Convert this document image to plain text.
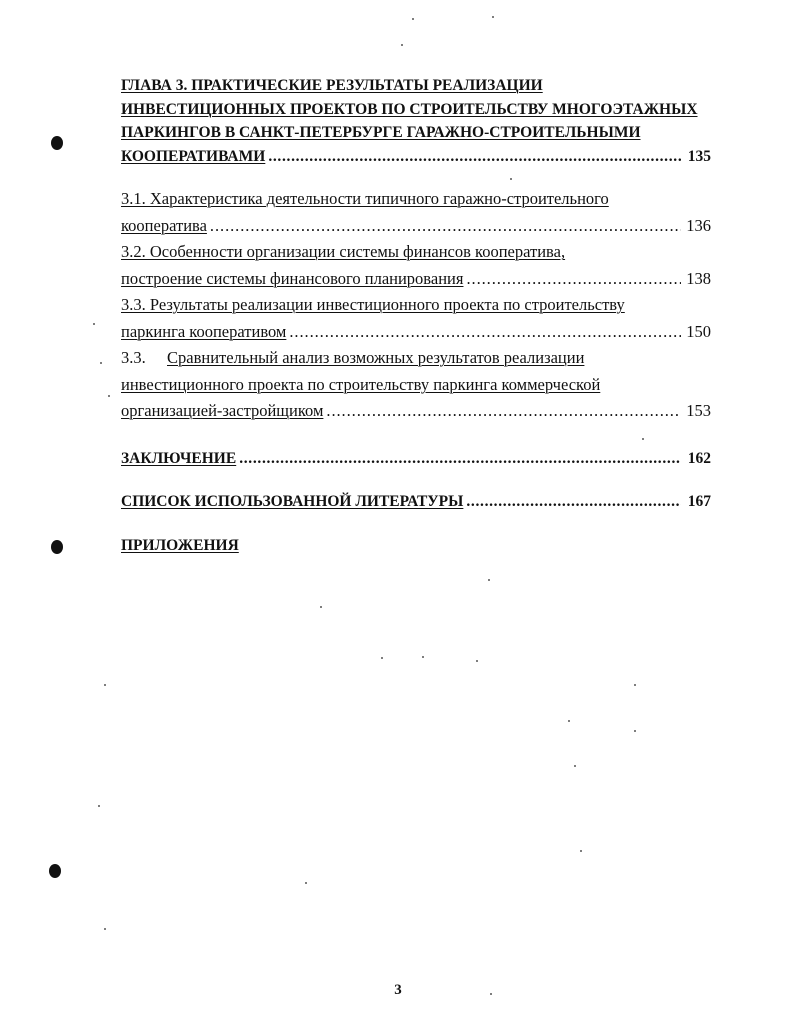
ГЛАВА 3. ПРАКТИЧЕСКИЕ РЕЗУЛЬТАТЫ РЕАЛИЗАЦИИ
ИНВЕСТИЦИОННЫХ ПРОЕКТОВ ПО СТРОИТЕЛЬСТВУ МНОГОЭТАЖНЫХ
ПАРКИНГОВ В САНКТ-ПЕТЕРБУРГЕ ГАРАЖНО-СТРОИТЕЛЬНЫМИ
КООПЕРАТИВАМИ . . .	135
3.1. Характеристика деятельности типичного гаражно-строительного
кооператива . . .	136
3.2. Особенности организации системы финансов кооператива,
построение системы финансового планирования . . .	138
3.3. Результаты реализации инвестиционного проекта по строительству
паркинга кооперативом . . .	150
3.3. Сравнительный анализ возможных результатов реализации
инвестиционного проекта по строительству паркинга коммерческой
организацией-застройщиком . . .	153
ЗАКЛЮЧЕНИЕ . . .	162
СПИСОК ИСПОЛЬЗОВАННОЙ ЛИТЕРАТУРЫ . . .	167
ПРИЛОЖЕНИЯ
3
